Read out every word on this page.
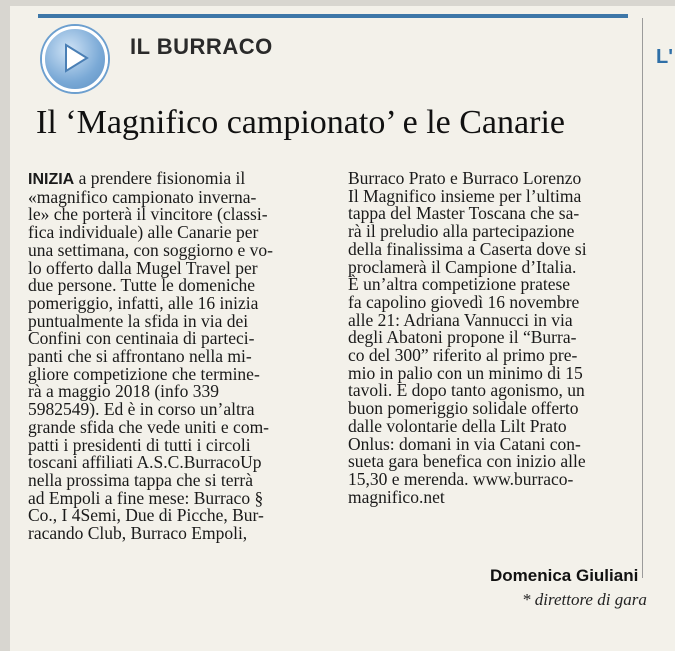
L'
IL BURRACO
Il ‘Magnifico campionato’ e le Canarie
INIZIA a prendere fisionomia il
«magnifico campionato inverna-
le» che porterà il vincitore (classi-
fica individuale) alle Canarie per
una settimana, con soggiorno e vo-
lo offerto dalla Mugel Travel per
due persone. Tutte le domeniche
pomeriggio, infatti, alle 16 inizia
puntualmente la sfida in via dei
Confini con centinaia di parteci-
panti che si affrontano nella mi-
gliore competizione che termine-
rà a maggio 2018 (info 339
5982549). Ed è in corso un’altra
grande sfida che vede uniti e com-
patti i presidenti di tutti i circoli
toscani affiliati A.S.C.BurracoUp
nella prossima tappa che si terrà
ad Empoli a fine mese: Burraco §
Co., I 4Semi, Due di Picche, Bur-
racando Club, Burraco Empoli,
Burraco Prato e Burraco Lorenzo
Il Magnifico insieme per l’ultima
tappa del Master Toscana che sa-
rà il preludio alla partecipazione
della finalissima a Caserta dove si
proclamerà il Campione d’Italia.
È un’altra competizione pratese
fa capolino giovedì 16 novembre
alle 21: Adriana Vannucci in via
degli Abatoni propone il “Burra-
co del 300” riferito al primo pre-
mio in palio con un minimo di 15
tavoli. E dopo tanto agonismo, un
buon pomeriggio solidale offerto
dalle volontarie della Lilt Prato
Onlus: domani in via Catani con-
sueta gara benefica con inizio alle
15,30 e merenda. www.burraco-
magnifico.net
Domenica Giuliani
* direttore di gara
